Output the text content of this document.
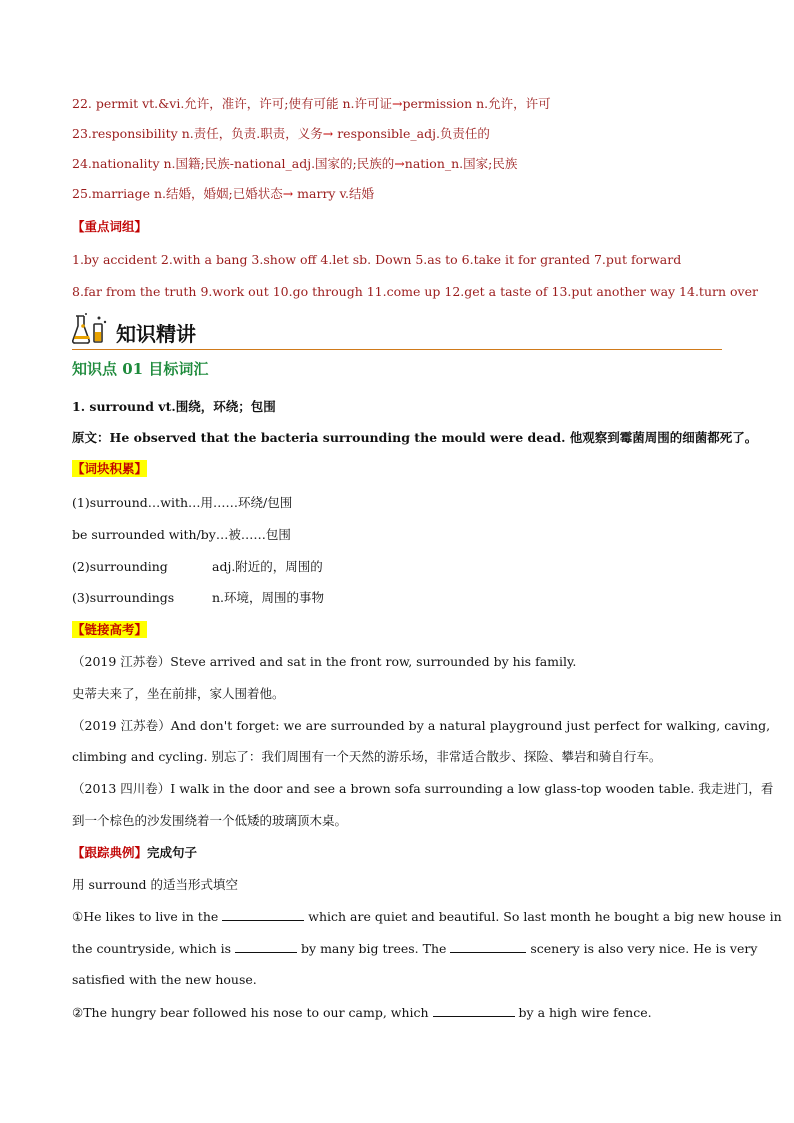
22. permit vt.&vi.允许，准许，许可;使有可能 n.许可证→permission n.允许，许可
23.responsibility n.责任，负责.职责，义务→ responsible_adj.负责任的
24.nationality n.国籍;民族-national_adj.国家的;民族的→nation_n.国家;民族
25.marriage n.结婚，婚姻;已婚状态→ marry v.结婚
【重点词组】
1.by accident 2.with a bang 3.show off 4.let sb. Down 5.as to 6.take it for granted 7.put forward
8.far from the truth 9.work out 10.go through 11.come up 12.get a taste of 13.put another way 14.turn over
知识精讲
知识点 01 目标词汇
1. surround vt.围绕，环绕；包围
原文：He observed that the bacteria surrounding the mould were dead. 他观察到霉菌周围的细菌都死了。
【词块积累】
(1)surround…with…用……环绕/包围
be surrounded with/by…被……包围
(2)surrounding	adj.附近的，周围的
(3)surroundings	n.环境，周围的事物
【链接高考】
（2019 江苏卷）Steve arrived and sat in the front row, surrounded by his family.
史蒂夫来了，坐在前排，家人围着他。
（2019 江苏卷）And don't forget: we are surrounded by a natural playground just perfect for walking, caving,
climbing and cycling. 别忘了：我们周围有一个天然的游乐场，非常适合散步、探险、攀岩和骑自行车。
（2013 四川卷）I walk in the door and see a brown sofa surrounding a low glass-top wooden table. 我走进门，看
到一个棕色的沙发围绕着一个低矮的玻璃顶木桌。
【跟踪典例】完成句子
用 surround 的适当形式填空
①He likes to live in the	which are quiet and beautiful. So last month he bought a big new house in
the countryside, which is	by many big trees. The	scenery is also very nice. He is very
satisfied with the new house.
②The hungry bear followed his nose to our camp, which	by a high wire fence.
